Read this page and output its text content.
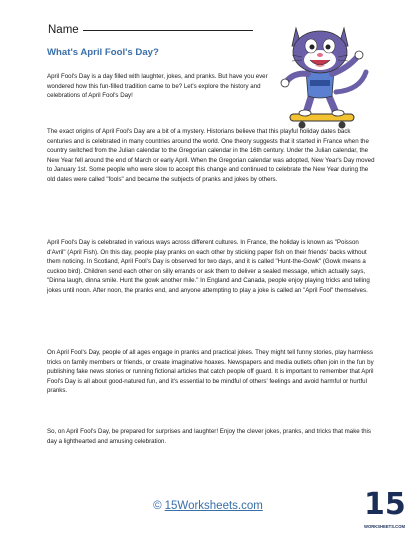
Name
What's April Fool's Day?

April Fool's Day is a day filled with laughter, jokes, and pranks. But have you ever wondered how this fun-filled tradition came to be? Let's explore the history and celebrations of April Fool's Day!

The exact origins of April Fool's Day are a bit of a mystery. Historians believe that this playful holiday dates back centuries and is celebrated in many countries around the world. One theory suggests that it started in France when the country switched from the Julian calendar to the Gregorian calendar in the 16th century. Under the Julian calendar, the New Year fell around the end of March or early April. When the Gregorian calendar was adopted, New Year's Day moved to January 1st. Some people who were slow to accept this change and continued to celebrate the New Year during the old dates were called "fools" and became the subjects of pranks and jokes by others.

April Fool's Day is celebrated in various ways across different cultures. In France, the holiday is known as "Poisson d'Avril" (April Fish). On this day, people play pranks on each other by sticking paper fish on their friends' backs without them noticing. In Scotland, April Fool's Day is observed for two days, and it is called "Hunt-the-Gowk" (Gowk means a cuckoo bird). Children send each other on silly errands or ask them to deliver a sealed message, which actually says, "Dinna laugh, dinna smile. Hunt the gowk another mile." In England and Canada, people enjoy playing tricks and telling jokes until noon. After noon, the pranks end, and anyone attempting to play a joke is called an "April Fool" themselves.

On April Fool's Day, people of all ages engage in pranks and practical jokes. They might tell funny stories, play harmless tricks on family members or friends, or create imaginative hoaxes. Newspapers and media outlets often join in the fun by publishing fake news stories or running fictional articles that catch people off guard. It is important to remember that April Fool's Day is all about good-natured fun, and it's essential to be mindful of others' feelings and avoid harmful or hurtful pranks.

So, on April Fool's Day, be prepared for surprises and laughter! Enjoy the clever jokes, pranks, and tricks that make this day a lighthearted and amusing celebration.

© 15Worksheets.com	15
WORKSHEETS.COM
